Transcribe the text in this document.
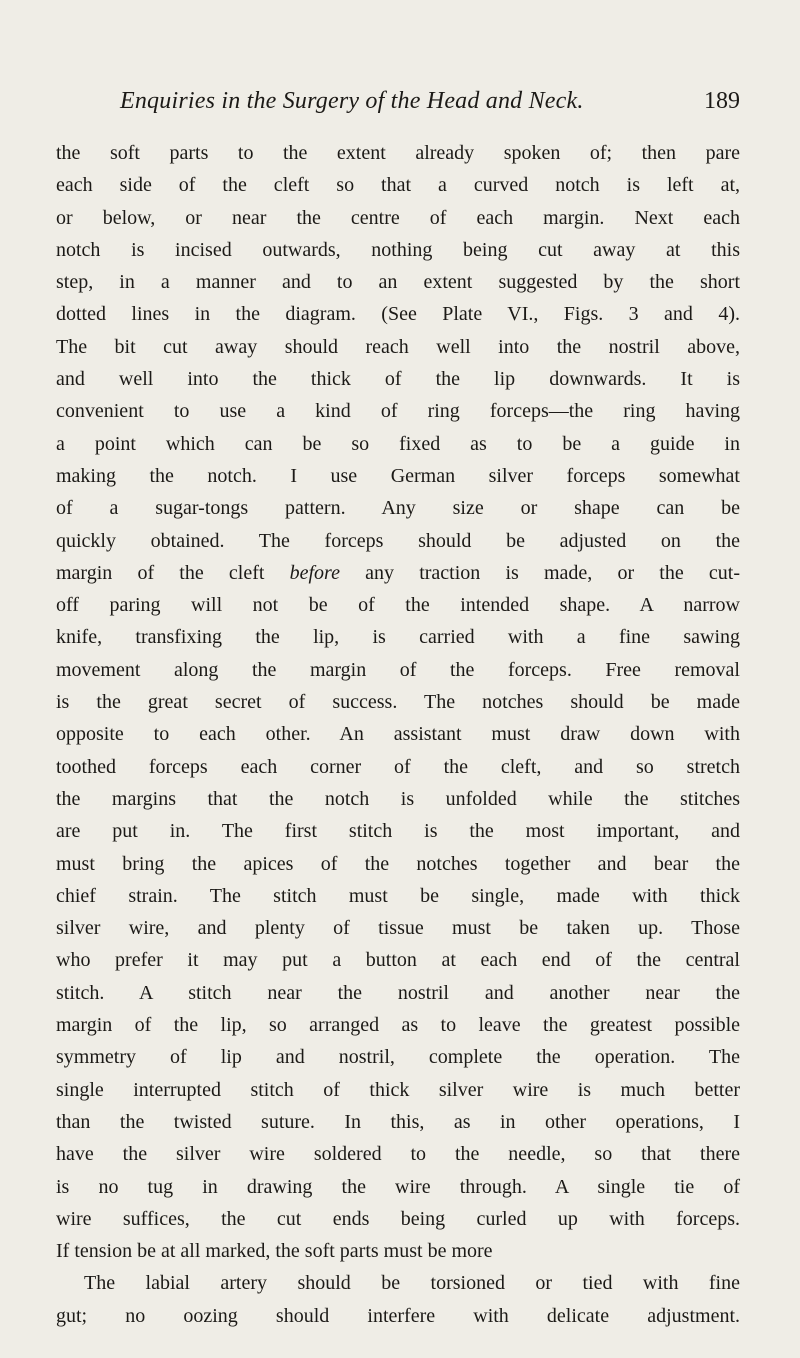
Enquiries in the Surgery of the Head and Neck.	189
the soft parts to the extent already spoken of; then pare
each side of the cleft so that a curved notch is left at,
or below, or near the centre of each margin. Next each
notch is incised outwards, nothing being cut away at this
step, in a manner and to an extent suggested by the short
dotted lines in the diagram. (See Plate VI., Figs. 3 and 4).
The bit cut away should reach well into the nostril above,
and well into the thick of the lip downwards. It is
convenient to use a kind of ring forceps—the ring having
a point which can be so fixed as to be a guide in
making the notch. I use German silver forceps somewhat
of a sugar-tongs pattern. Any size or shape can be
quickly obtained. The forceps should be adjusted on the
margin of the cleft before any traction is made, or the cut-
off paring will not be of the intended shape. A narrow
knife, transfixing the lip, is carried with a fine sawing
movement along the margin of the forceps. Free removal
is the great secret of success. The notches should be made
opposite to each other. An assistant must draw down with
toothed forceps each corner of the cleft, and so stretch
the margins that the notch is unfolded while the stitches
are put in. The first stitch is the most important, and
must bring the apices of the notches together and bear the
chief strain. The stitch must be single, made with thick
silver wire, and plenty of tissue must be taken up. Those
who prefer it may put a button at each end of the central
stitch. A stitch near the nostril and another near the
margin of the lip, so arranged as to leave the greatest possible
symmetry of lip and nostril, complete the operation. The
single interrupted stitch of thick silver wire is much better
than the twisted suture. In this, as in other operations, I
have the silver wire soldered to the needle, so that there
is no tug in drawing the wire through. A single tie of
wire suffices, the cut ends being curled up with forceps.
If tension be at all marked, the soft parts must be more
The labial artery should be torsioned or tied with fine
gut; no oozing should interfere with delicate adjustment.
